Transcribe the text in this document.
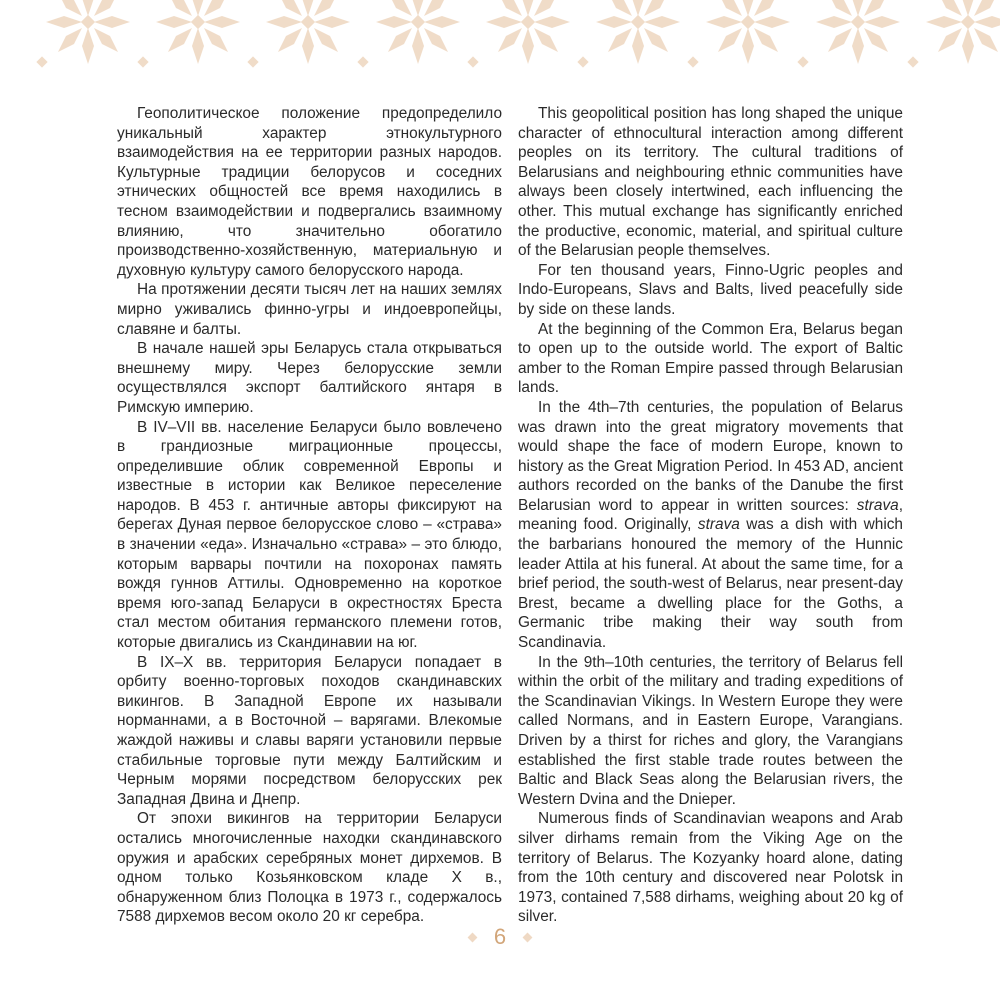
Геополитическое положение предопределило уникальный характер этнокультурного взаимодействия на ее территории разных народов. Культурные традиции белорусов и соседних этнических общностей все время находились в тесном взаимодействии и подвергались взаимному влиянию, что значительно обогатило производственно-хозяйственную, материальную и духовную культуру самого белорусского народа.

На протяжении десяти тысяч лет на наших землях мирно уживались финно-угры и индоевропейцы, славяне и балты.

В начале нашей эры Беларусь стала открываться внешнему миру. Через белорусские земли осуществлялся экспорт балтийского янтаря в Римскую империю.

В IV–VII вв. население Беларуси было вовлечено в грандиозные миграционные процессы, определившие облик современной Европы и известные в истории как Великое переселение народов. В 453 г. античные авторы фиксируют на берегах Дуная первое белорусское слово – «страва» в значении «еда». Изначально «страва» – это блюдо, которым варвары почтили на похоронах память вождя гуннов Аттилы. Одновременно на короткое время юго-запад Беларуси в окрестностях Бреста стал местом обитания германского племени готов, которые двигались из Скандинавии на юг.

В IX–X вв. территория Беларуси попадает в орбиту военно-торговых походов скандинавских викингов. В Западной Европе их называли норманнами, а в Восточной – варягами. Влекомые жаждой наживы и славы варяги установили первые стабильные торговые пути между Балтийским и Черным морями посредством белорусских рек Западная Двина и Днепр.

От эпохи викингов на территории Беларуси остались многочисленные находки скандинавского оружия и арабских серебряных монет дирхемов. В одном только Козьянковском кладе X в., обнаруженном близ Полоцка в 1973 г., содержалось 7588 дирхемов весом около 20 кг серебра.

This geopolitical position has long shaped the unique character of ethnocultural interaction among different peoples on its territory. The cultural traditions of Belarusians and neighbouring ethnic communities have always been closely intertwined, each influencing the other. This mutual exchange has significantly enriched the productive, economic, material, and spiritual culture of the Belarusian people themselves.

For ten thousand years, Finno-Ugric peoples and Indo-Europeans, Slavs and Balts, lived peacefully side by side on these lands.

At the beginning of the Common Era, Belarus began to open up to the outside world. The export of Baltic amber to the Roman Empire passed through Belarusian lands.

In the 4th–7th centuries, the population of Belarus was drawn into the great migratory movements that would shape the face of modern Europe, known to history as the Great Migration Period. In 453 AD, ancient authors recorded on the banks of the Danube the first Belarusian word to appear in written sources: strava, meaning food. Originally, strava was a dish with which the barbarians honoured the memory of the Hunnic leader Attila at his funeral. At about the same time, for a brief period, the south-west of Belarus, near present-day Brest, became a dwelling place for the Goths, a Germanic tribe making their way south from Scandinavia.

In the 9th–10th centuries, the territory of Belarus fell within the orbit of the military and trading expeditions of the Scandinavian Vikings. In Western Europe they were called Normans, and in Eastern Europe, Varangians. Driven by a thirst for riches and glory, the Varangians established the first stable trade routes between the Baltic and Black Seas along the Belarusian rivers, the Western Dvina and the Dnieper.

Numerous finds of Scandinavian weapons and Arab silver dirhams remain from the Viking Age on the territory of Belarus. The Kozyanky hoard alone, dating from the 10th century and discovered near Polotsk in 1973, contained 7,588 dirhams, weighing about 20 kg of silver.

6
